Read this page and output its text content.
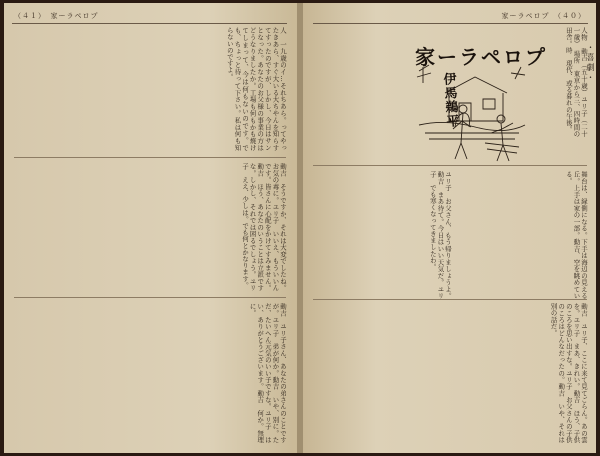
（４１）　家ーラペロプ
人　一九歳のイ…それちあら。ってやったきあら、すぐ大いる大ちやんを知らすてすったのですが、しかし、今日はサンとなった。あなたのお父様の事業の方はどうなりましたか。工場も何もかも焼けてしまって、今は何もないのです。でも、ちょっと待って下さい。私は何も知らないのですよ。
動吉　そうですか、それは大変でしたね。お気の毒に。ユリ子　いいえ、もういいんです。皆さんに心配をかけてすみません。動吉　ほう、あなたのいうことは立派ですな。しかし、それでは困るでしょう。ユリ子　ええ、少しは。でも何とかなります。
動吉　ユリ子さん、あなたの弟さんのことですが。ユリ子　弟が何か。動吉　いや、別に。ただ、たいへん元気のいい子ですな。ユリ子　はい、ありがとうございます。動吉　何か。無理に。
家ーラペロプ　（４０）
家ーラペロプ	・喜劇・
人物　動吉（五十歳）ユリ子（二十一歳）　場所　東京から三、四時間の田舎。時　現代、或る暮れの午後。
伊馬鵜平
舞台は、縁側になる。下手は海辺の見える丘。上手は家の一部。動吉、空を眺めている。
ユリ子　お父さん、もう帰りましょうよ。動吉　まあ待て。今日はいい天気だ。ユリ子　でも寒くなってきましたわ。
動吉　ユリ子、ここに来て見てごらん。あの雲を。ユリ子　まあ、きれい。動吉　ほう、子供のころを思い出すな。ユリ子　お父さんの子供のころはどんなだったの。動吉　いや、それは別の話だ。
